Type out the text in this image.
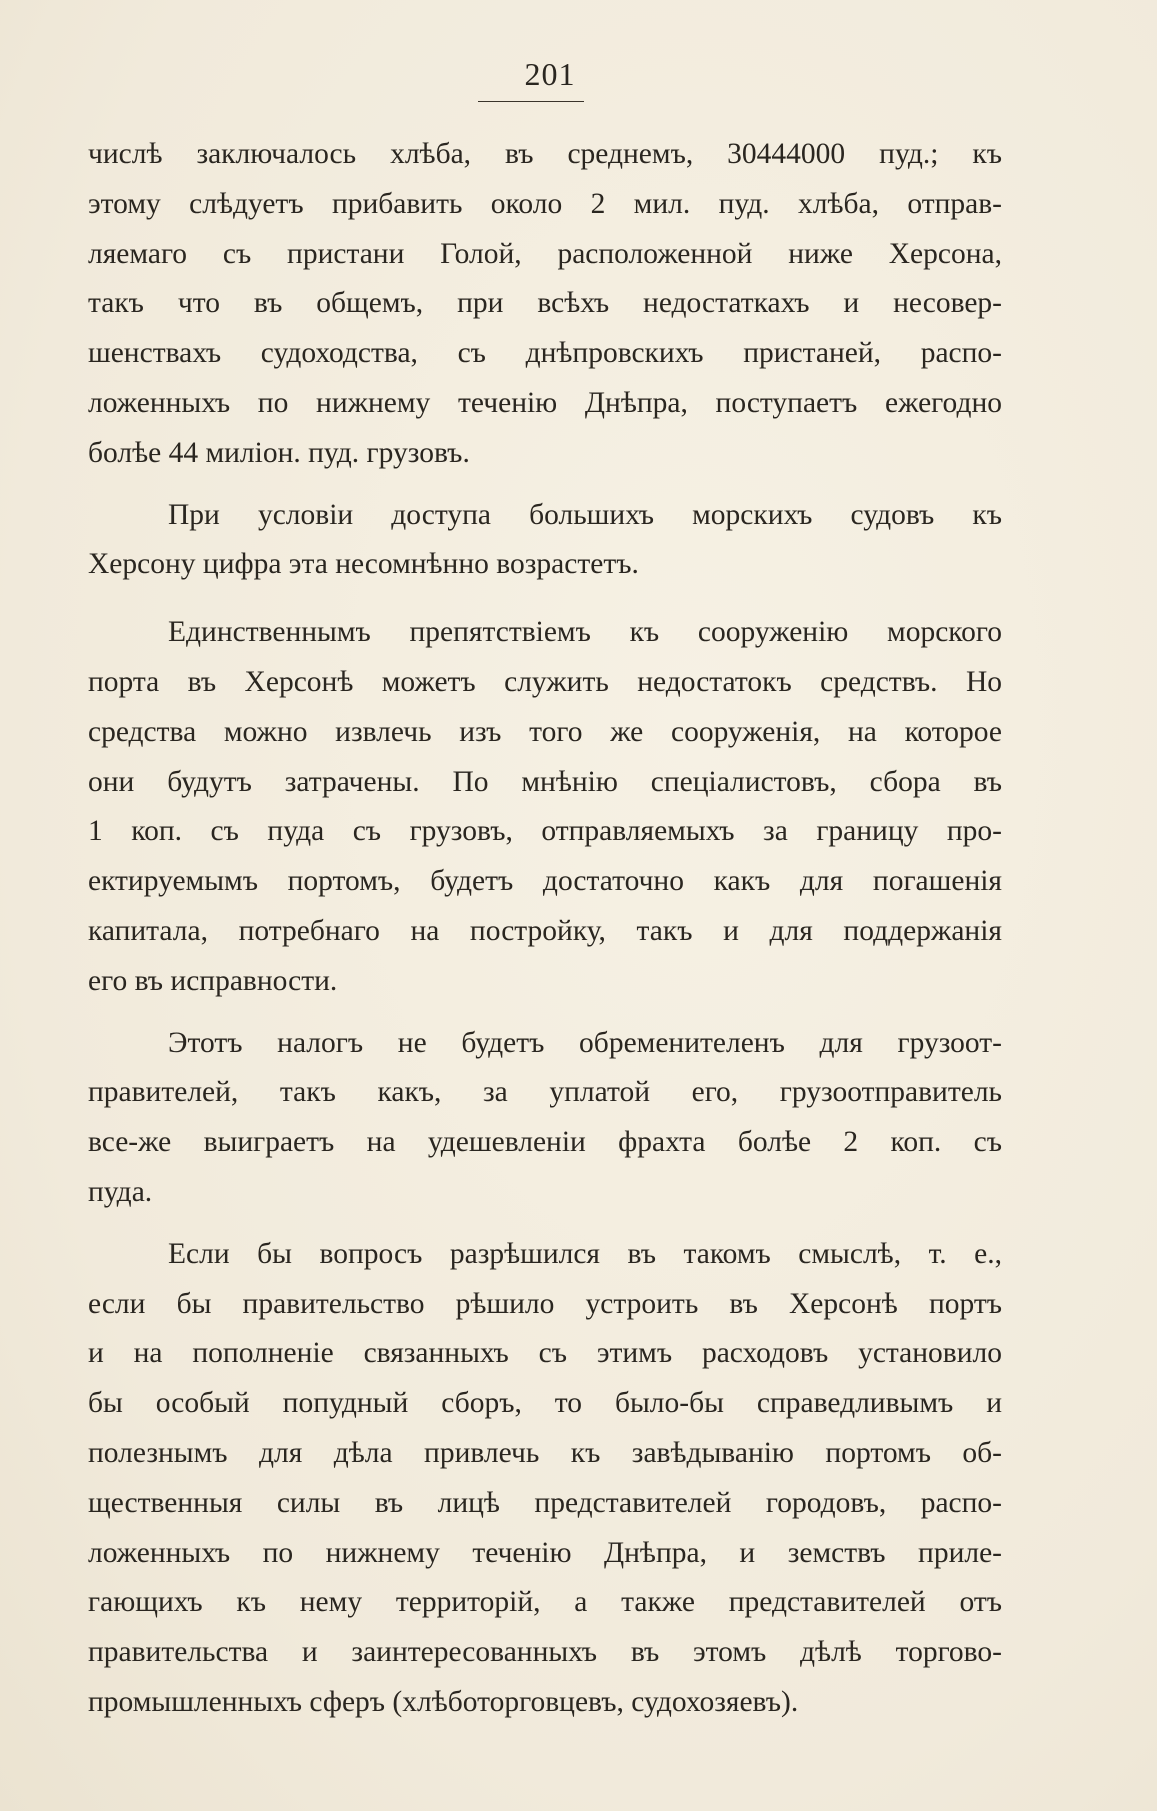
201
числѣ заключалось хлѣба, въ среднемъ, 30444000 пуд.; къ
этому слѣдуетъ прибавить около 2 мил. пуд. хлѣба, отправ-
ляемаго съ пристани Голой, расположенной ниже Херсона,
такъ что въ общемъ, при всѣхъ недостаткахъ и несовер-
шенствахъ судоходства, съ днѣпровскихъ пристаней, распо-
ложенныхъ по нижнему теченію Днѣпра, поступаетъ ежегодно
болѣе 44 миліон. пуд. грузовъ.
При условіи доступа большихъ морскихъ судовъ къ
Херсону цифра эта несомнѣнно возрастетъ.
Единственнымъ препятствіемъ къ сооруженію морского
порта въ Херсонѣ можетъ служить недостатокъ средствъ. Но
средства можно извлечь изъ того же сооруженія, на которое
они будутъ затрачены. По мнѣнію спеціалистовъ, сбора въ
1 коп. съ пуда съ грузовъ, отправляемыхъ за границу про-
ектируемымъ портомъ, будетъ достаточно какъ для погашенія
капитала, потребнаго на постройку, такъ и для поддержанія
его въ исправности.
Этотъ налогъ не будетъ обременителенъ для грузоот-
правителей, такъ какъ, за уплатой его, грузоотправитель
все-же выиграетъ на удешевленіи фрахта болѣе 2 коп. съ
пуда.
Если бы вопросъ разрѣшился въ такомъ смыслѣ, т. е.,
если бы правительство рѣшило устроить въ Херсонѣ портъ
и на пополненіе связанныхъ съ этимъ расходовъ установило
бы особый попудный сборъ, то было-бы справедливымъ и
полезнымъ для дѣла привлечь къ завѣдыванію портомъ об-
щественныя силы въ лицѣ представителей городовъ, распо-
ложенныхъ по нижнему теченію Днѣпра, и земствъ приле-
гающихъ къ нему территорій, а также представителей отъ
правительства и заинтересованныхъ въ этомъ дѣлѣ торгово-
промышленныхъ сферъ (хлѣботорговцевъ, судохозяевъ).
